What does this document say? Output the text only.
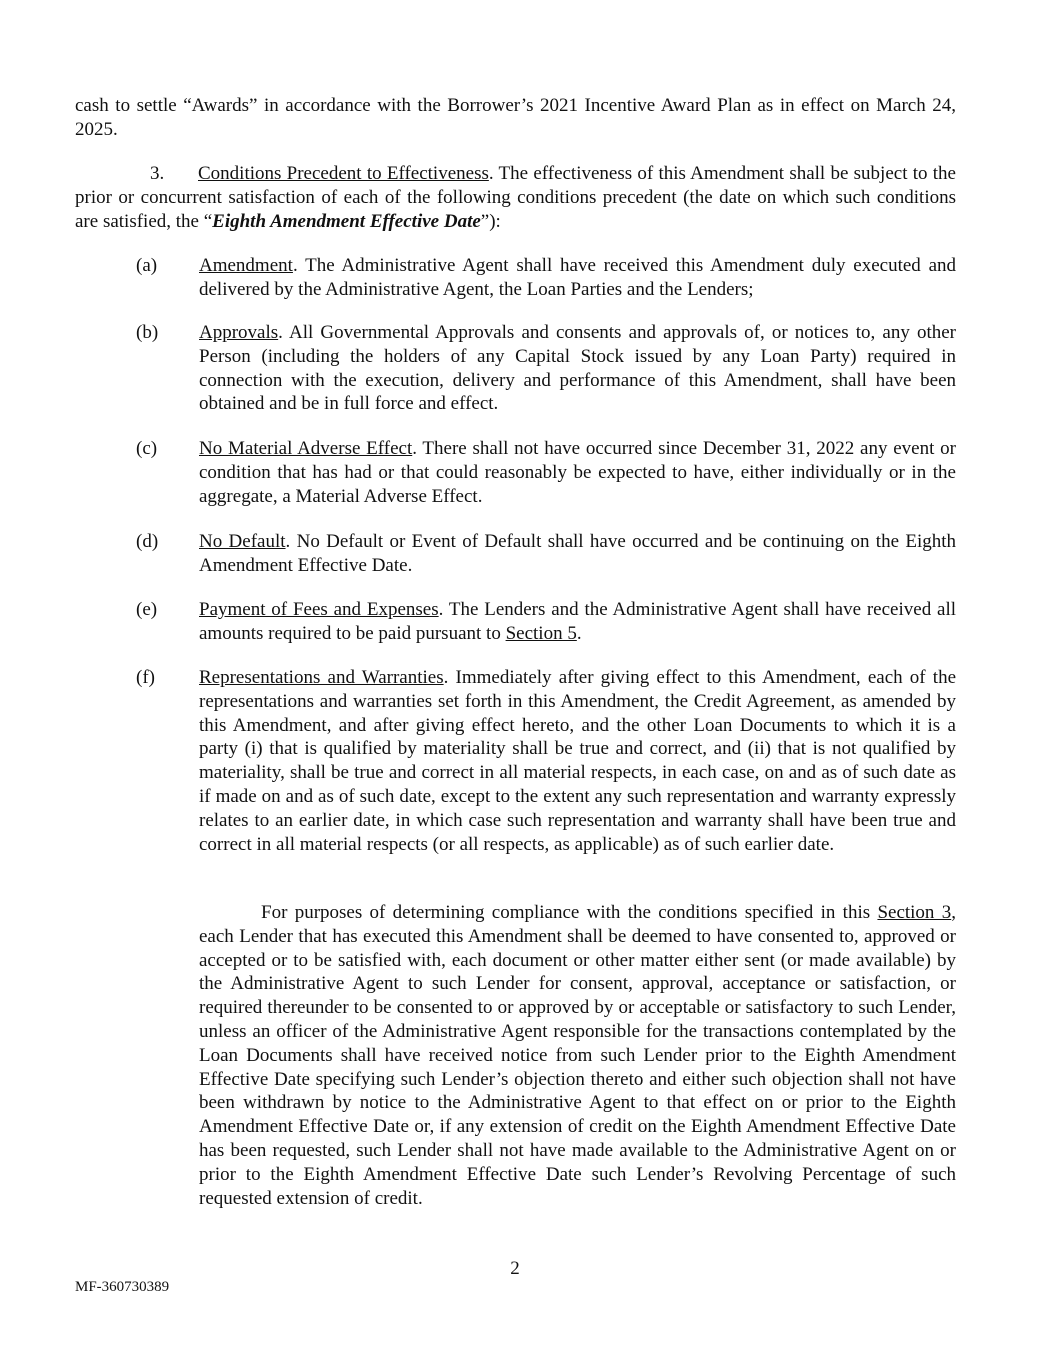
cash to settle “Awards” in accordance with the Borrower’s 2021 Incentive Award Plan as in effect on March 24, 2025.

3. Conditions Precedent to Effectiveness. The effectiveness of this Amendment shall be subject to the prior or concurrent satisfaction of each of the following conditions precedent (the date on which such conditions are satisfied, the “Eighth Amendment Effective Date”):

(a)	Amendment. The Administrative Agent shall have received this Amendment duly executed and delivered by the Administrative Agent, the Loan Parties and the Lenders;

(b)	Approvals. All Governmental Approvals and consents and approvals of, or notices to, any other Person (including the holders of any Capital Stock issued by any Loan Party) required in connection with the execution, delivery and performance of this Amendment, shall have been obtained and be in full force and effect.

(c)	No Material Adverse Effect. There shall not have occurred since December 31, 2022 any event or condition that has had or that could reasonably be expected to have, either individually or in the aggregate, a Material Adverse Effect.

(d)	No Default. No Default or Event of Default shall have occurred and be continuing on the Eighth Amendment Effective Date.

(e)	Payment of Fees and Expenses. The Lenders and the Administrative Agent shall have received all amounts required to be paid pursuant to Section 5.

(f)	Representations and Warranties. Immediately after giving effect to this Amendment, each of the representations and warranties set forth in this Amendment, the Credit Agreement, as amended by this Amendment, and after giving effect hereto, and the other Loan Documents to which it is a party (i) that is qualified by materiality shall be true and correct, and (ii) that is not qualified by materiality, shall be true and correct in all material respects, in each case, on and as of such date as if made on and as of such date, except to the extent any such representation and warranty expressly relates to an earlier date, in which case such representation and warranty shall have been true and correct in all material respects (or all respects, as applicable) as of such earlier date.

For purposes of determining compliance with the conditions specified in this Section 3, each Lender that has executed this Amendment shall be deemed to have consented to, approved or accepted or to be satisfied with, each document or other matter either sent (or made available) by the Administrative Agent to such Lender for consent, approval, acceptance or satisfaction, or required thereunder to be consented to or approved by or acceptable or satisfactory to such Lender, unless an officer of the Administrative Agent responsible for the transactions contemplated by the Loan Documents shall have received notice from such Lender prior to the Eighth Amendment Effective Date specifying such Lender’s objection thereto and either such objection shall not have been withdrawn by notice to the Administrative Agent to that effect on or prior to the Eighth Amendment Effective Date or, if any extension of credit on the Eighth Amendment Effective Date has been requested, such Lender shall not have made available to the Administrative Agent on or prior to the Eighth Amendment Effective Date such Lender’s Revolving Percentage of such requested extension of credit.

2
MF-360730389
